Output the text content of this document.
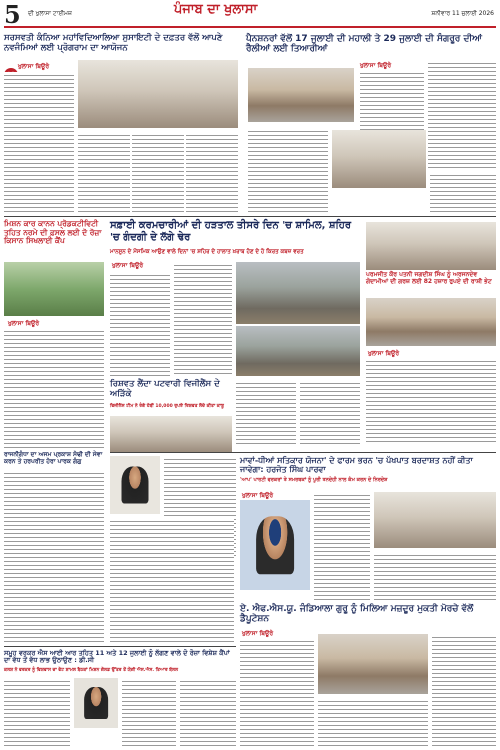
5 ਦੀ ਖੁਲਾਸਾ ਟਾਈਮਜ਼	ਪੰਜਾਬ ਦਾ ਖੁਲਾਸਾ	ਸ਼ਨੀਵਾਰ 11 ਜੁਲਾਈ 2026
ਸਰਸਵਤੀ ਕੰਨਿਆ ਮਹਾਂਵਿਦਿਆਲਿਆ ਸੁਸਾਇਟੀ ਦੇ ਦਫ਼ਤਰ ਵੱਲੋਂ ਆਪਣੇ ਨਵਜੰਮਿਆਂ ਲਈ ਪ੍ਰੋਗਰਾਮ ਦਾ ਆਯੋਜਨ
ਖੁਲਾਸਾ ਬਿਊਰੋ
ਪੈਨਸ਼ਨਰਾਂ ਵੱਲੋਂ 17 ਜੁਲਾਈ ਦੀ ਮਹਾਲੀ ਤੇ 29 ਜੁਲਾਈ ਦੀ ਸੰਗਰੂਰ ਦੀਆਂ ਰੈਲੀਆਂ ਲਈ ਤਿਆਰੀਆਂ
ਖੁਲਾਸਾ ਬਿਊਰੋ
ਮਿਸ਼ਨ ਕਾਰ ਕਾਨਨ ਪ੍ਰੋਡਕਟੀਵਿਟੀ ਤਹਿਤ ਨਰਮੇ ਦੀ ਫ਼ਸਲ ਲਈ ਦੋ ਰੋਜ਼ਾ ਕਿਸਾਨ ਸਿਖਲਾਈ ਕੈਂਪ
ਖੁਲਾਸਾ ਬਿਊਰੋ
ਸਫ਼ਾਈ ਕਰਮਚਾਰੀਆਂ ਦੀ ਹੜਤਾਲ ਤੀਸਰੇ ਦਿਨ 'ਚ ਸ਼ਾਮਿਲ, ਸ਼ਹਿਰ 'ਚ ਗੰਦਗੀ ਦੇ ਲੱਗੇ ਢੇਰ
ਮਾਨਸੂਨ ਦੇ ਮੌਸਮਿਕ ਆਉਣ ਵਾਲੇ ਦਿਨਾਂ 'ਚ ਸ਼ਹਿਰ ਦੇ ਹਾਲਾਤ ਖ਼ਰਾਬ ਹੋਣ ਦੇ ਹੋ ਕਿਰਤ ਕਬਜ਼ ਵਰਤ
ਖੁਲਾਸਾ ਬਿਊਰੋ
ਪਰਮਜੀਤ ਕੌਰ ਪਤਨੀ ਜਗਦੀਸ਼ ਸਿੰਘ ਨੂੰ ਅਰਜਨਦੇਵ ਗੋਦਾਮੀਆਂ ਦੀ ਗਰਜ਼ ਲਈ 82 ਹਜ਼ਾਰ ਰੁਪਏ ਦੀ ਰਾਸ਼ੀ ਭੇਟ
ਖੁਲਾਸਾ ਬਿਊਰੋ
ਰਿਸ਼ਵਤ ਲੈਂਦਾ ਪਟਵਾਰੀ ਵਿਜੀਲੈਂਸ ਦੇ ਅੜਿੱਕੇ
ਵਿਜੀਲੈਂਸ ਟੀਮ ਨੇ ਰੰਗੇ ਹੱਥੀਂ 10,000 ਰੁਪਏ ਰਿਸ਼ਵਤ ਲੈਂਦੇ ਕੀਤਾ ਕਾਬੂ
ਰਾਜਨੀਗੰਧਾ ਦਾ ਅਜਮ ਪ੍ਰਕਾਸ਼ ਸੋਢੀ ਦੀ ਸੇਵਾ ਕਰਨ ਤੇ ਹਰਪਰੀਤ ਹੋਰਾ ਪਾਰਕ ਗੰਗੁ	ਮਾਵਾਂ-ਧੀਆਂ ਸਤਿਕਾਰ ਯੋਜਨਾ' ਦੇ ਫਾਰਮ ਭਰਨ 'ਚ ਪੱਖਪਾਤ ਬਰਦਾਸ਼ਤ ਨਹੀਂ ਕੀਤਾ ਜਾਵੇਗਾ: ਹਰਜੋਤ ਸਿੰਘ ਪਾਰਵਾ
'ਆਪ' ਪਾਰਟੀ ਵਰਕਰਾਂ ਤੇ ਸਮਰਥਕਾਂ ਨੂੰ ਪੂਰੀ ਤਨਦੇਹੀ ਨਾਲ ਕੰਮ ਕਰਨ ਦੇ ਨਿਰਦੇਸ਼
ਖੁਲਾਸਾ ਬਿਊਰੋ
ਏ. ਐਫ.ਐਸ.ਯੂ. ਜੰਡਿਆਲਾ ਗੁਰੂ ਨੂੰ ਮਿਲਿਆ ਮਜ਼ਦੂਰ ਮੁਕਤੀ ਮੋਰਚੇ ਵੱਲੋਂ ਡੈਪੂਟੇਸ਼ਨ
ਖੁਲਾਸਾ ਬਿਊਰੋ
ਸਮੂਹ ਵਰਕਰ ਐਸ ਆਈ ਆਰ ਤਹਿਤ 11 ਅਤੇ 12 ਜੁਲਾਈ ਨੂੰ ਲੱਗਣ ਵਾਲੇ ਦੋ ਰੋਜ਼ਾ ਵਿਸ਼ੇਸ਼ ਕੈਂਪਾਂ ਦਾ ਵੱਧ ਤੋਂ ਵੱਧ ਲਾਭ ਉਠਾਉਣ : ਡੀ.ਸੀ
ਕਲਸ਼ ਨੇ ਵਰਕਰ ਨੂੰ ਵਿਸ਼ਵਾਸ ਦਾ ਵੋਟ ਸ਼ਾਮਲ ਬੈਠਕਾਂ ਮਿਸ਼ਨ ਗੋਲਡ ਉੱਤਰ ਤੋਂ ਯੋਗੀ ਐਸ.ਐਸ. ਤਿਆਰ ਬੱਲਲ
